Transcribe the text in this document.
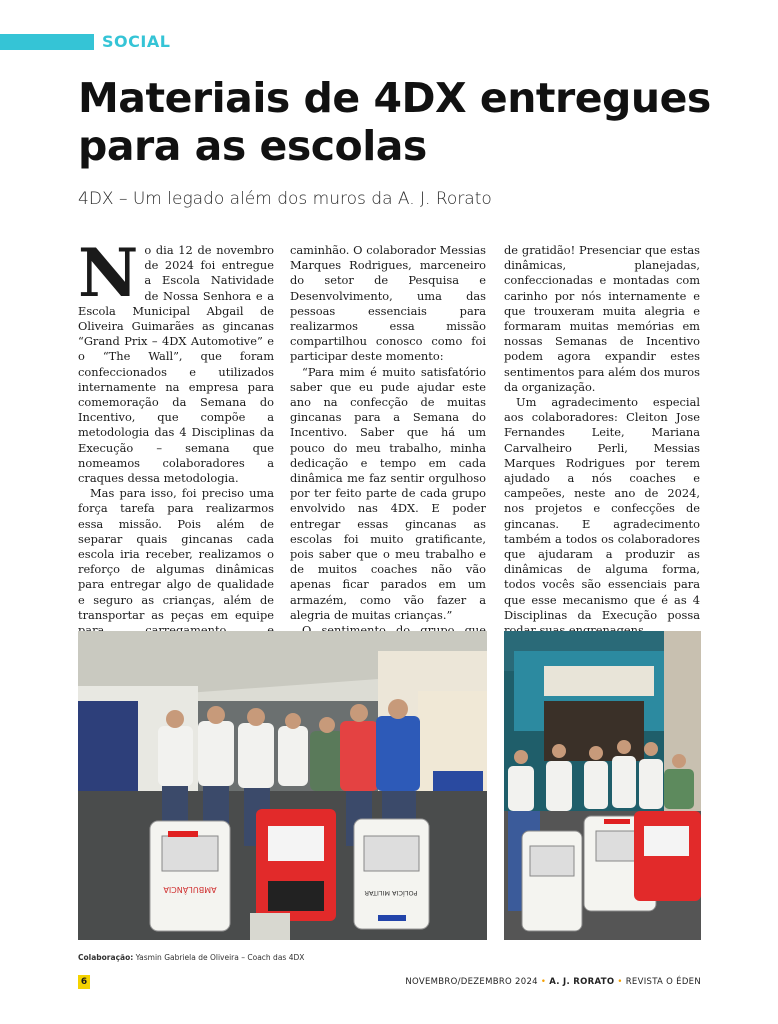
SOCIAL
Materiais de 4DX entregues para as escolas
4DX – Um legado além dos muros da A. J. Rorato

No dia 12 de novembro de 2024 foi entregue a Escola Natividade de Nossa Senhora e a Escola Municipal Abgail de Oliveira Guimarães as gincanas “Grand Prix – 4DX Automotive” e o “The Wall”, que foram confeccionados e utilizados internamente na empresa para comemoração da Semana do Incentivo, que compõe a metodologia das 4 Disciplinas da Execução – semana que nomeamos colaboradores a craques dessa metodologia.

Mas para isso, foi preciso uma força tarefa para realizarmos essa missão. Pois além de separar quais gincanas cada escola iria receber, realizamos o reforço de algumas dinâmicas para entregar algo de qualidade e seguro as crianças, além de transportar as peças em equipe

caminhão. O colaborador Messias Marques Rodrigues, marceneiro do setor de Pesquisa e Desenvolvimento, uma das pessoas essenciais para realizarmos essa missão compartilhou conosco como foi participar deste momento:

“Para mim é muito satisfatório saber que eu pude ajudar este ano na confecção de muitas gincanas para a Semana do Incentivo. Saber que há um pouco do meu trabalho, minha dedicação e tempo em cada dinâmica me faz sentir orgulhoso por ter feito parte de cada grupo envolvido nas 4DX. E poder entregar essas gincanas as escolas foi muito gratificante, pois saber que o meu trabalho e de muitos coaches não vão apenas ficar parados em um armazém, como vão fazer a alegria de muitas crianças.”

de gratidão! Presenciar que estas dinâmicas, planejadas, confeccionadas e montadas com carinho por nós internamente e que trouxeram muita alegria e formaram muitas memórias em nossas Semanas de Incentivo podem agora expandir estes sentimentos para além dos muros da organização.

Um agradecimento especial aos colaboradores: Cleiton Jose Fernandes Leite, Mariana Carvalheiro Perli, Messias Marques Rodrigues por terem ajudado a nós coaches e campeões, neste ano de 2024, nos projetos e confecções de gincanas. E agradecimento também a todos os colaboradores que ajudaram a produzir as dinâmicas de alguma forma, todos vocês são essenciais para que esse mecanismo que é as 4 Disciplinas da Execução possa

AMBULÂNCIA	POLÍCIA MILITAR
Colaboração: Yasmin Gabriela de Oliveira – Coach das 4DX
6	NOVEMBRO/DEZEMBRO 2024 • A. J. RORATO • REVISTA O ÉDEN
